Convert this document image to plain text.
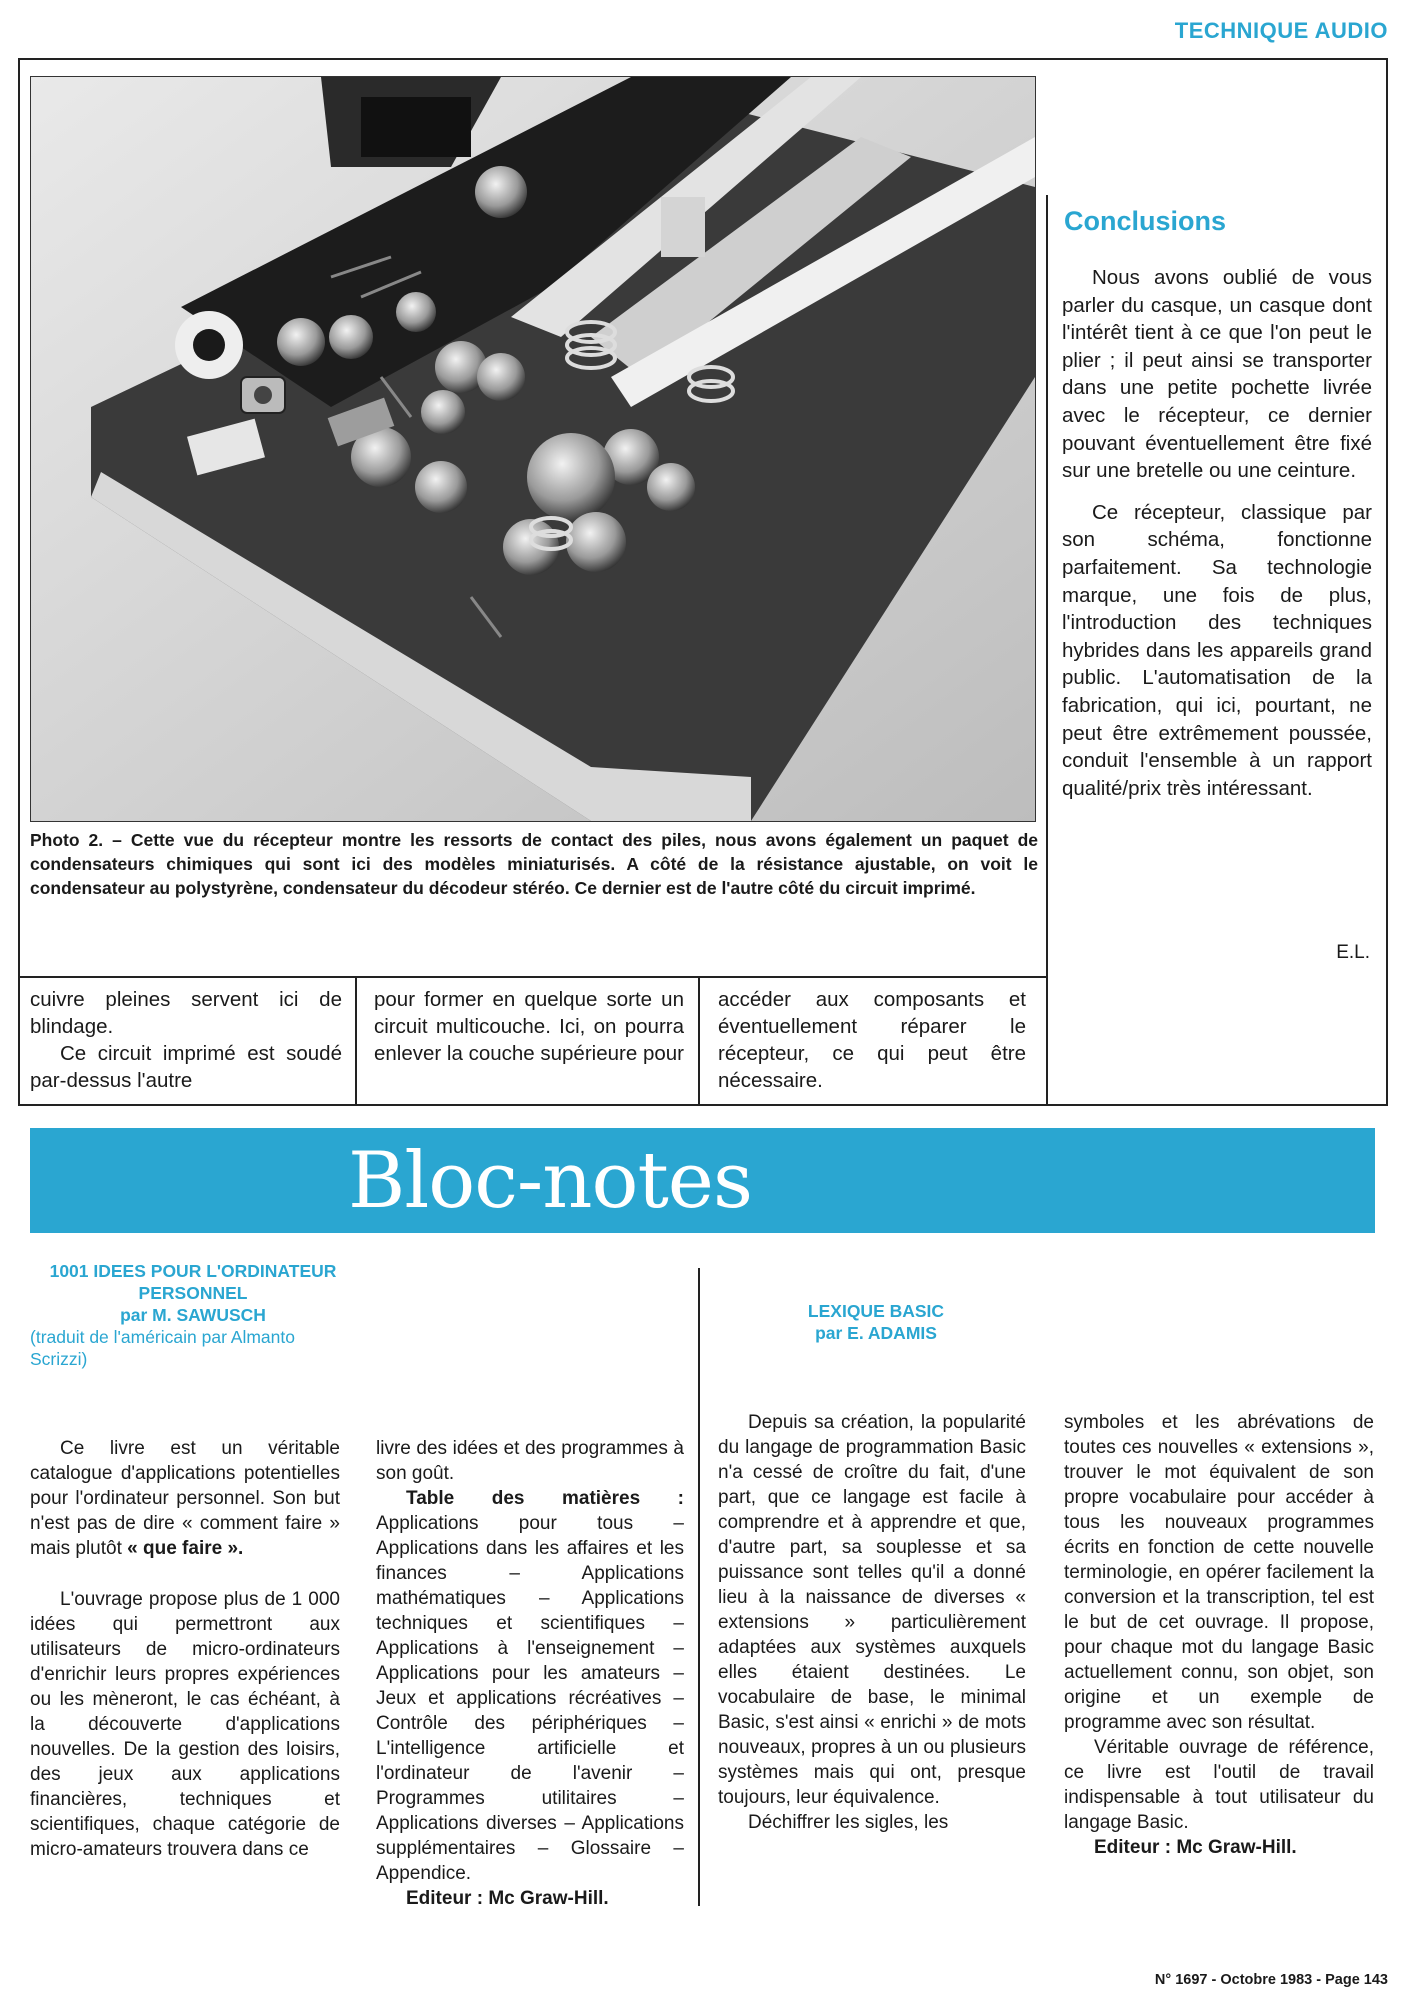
TECHNIQUE AUDIO
Photo 2. – Cette vue du récepteur montre les ressorts de contact des piles, nous avons également un paquet de condensateurs chimiques qui sont ici des modèles miniaturisés. A côté de la résistance ajustable, on voit le condensateur au polystyrène, condensateur du décodeur stéréo. Ce dernier est de l'autre côté du circuit imprimé.

cuivre pleines servent ici de blindage.

Ce circuit imprimé est soudé par-dessus l'autre

pour former en quelque sorte un circuit multicouche. Ici, on pourra enlever la couche supérieure pour
accéder aux composants et éventuellement réparer le récepteur, ce qui peut être nécessaire.
Conclusions

Nous avons oublié de vous parler du casque, un casque dont l'intérêt tient à ce que l'on peut le plier ; il peut ainsi se transporter dans une petite pochette livrée avec le récepteur, ce dernier pouvant éventuellement être fixé sur une bretelle ou une ceinture.

Ce récepteur, classique par son schéma, fonctionne parfaitement. Sa technologie marque, une fois de plus, l'introduction des techniques hybrides dans les appareils grand public. L'automatisation de la fabrication, qui ici, pourtant, ne peut être extrêmement poussée, conduit l'ensemble à un rapport qualité/prix très intéressant.

E.L.
Bloc-notes
1001 IDEES POUR L'ORDINATEUR PERSONNEL
par M. SAWUSCH
(traduit de l'américain par Almanto Scrizzi)

Ce livre est un véritable catalogue d'applications potentielles pour l'ordinateur personnel. Son but n'est pas de dire « comment faire » mais plutôt « que faire ».

L'ouvrage propose plus de 1 000 idées qui permettront aux utilisateurs de micro-ordinateurs d'enrichir leurs propres expériences ou les mèneront, le cas échéant, à la découverte d'applications nouvelles. De la gestion des loisirs, des jeux aux applications financières, techniques et scientifiques, chaque catégorie de micro-amateurs trouvera dans ce

livre des idées et des programmes à son goût.

Table des matières : Applications pour tous – Applications dans les affaires et les finances – Applications mathématiques – Applications techniques et scientifiques – Applications à l'enseignement – Applications pour les amateurs – Jeux et applications récréatives – Contrôle des périphériques – L'intelligence artificielle et l'ordinateur de l'avenir – Programmes utilitaires – Applications diverses – Applications supplémentaires – Glossaire – Appendice.

Editeur : Mc Graw-Hill.

LEXIQUE BASIC
par E. ADAMIS

Depuis sa création, la popularité du langage de programmation Basic n'a cessé de croître du fait, d'une part, que ce langage est facile à comprendre et à apprendre et que, d'autre part, sa souplesse et sa puissance sont telles qu'il a donné lieu à la naissance de diverses « extensions » particulièrement adaptées aux systèmes auxquels elles étaient destinées. Le vocabulaire de base, le minimal Basic, s'est ainsi « enrichi » de mots nouveaux, propres à un ou plusieurs systèmes mais qui ont, presque toujours, leur équivalence.

Déchiffrer les sigles, les

symboles et les abrévations de toutes ces nouvelles « extensions », trouver le mot équivalent de son propre vocabulaire pour accéder à tous les nouveaux programmes écrits en fonction de cette nouvelle terminologie, en opérer facilement la conversion et la transcription, tel est le but de cet ouvrage. Il propose, pour chaque mot du langage Basic actuellement connu, son objet, son origine et un exemple de programme avec son résultat.

Véritable ouvrage de référence, ce livre est l'outil de travail indispensable à tout utilisateur du langage Basic.

Editeur : Mc Graw-Hill.

N° 1697 - Octobre 1983 - Page 143
